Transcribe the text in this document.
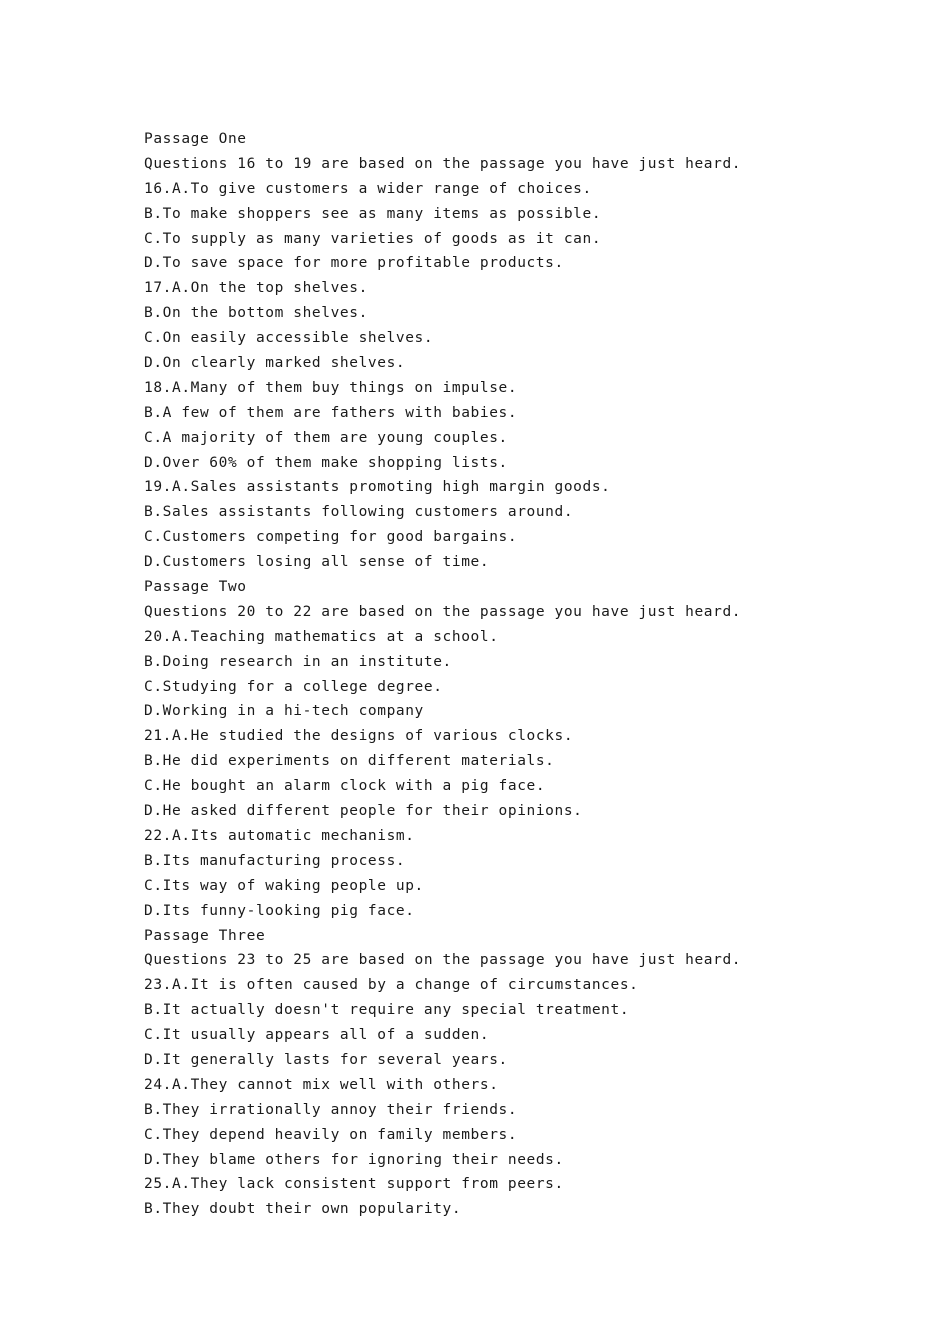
Passage One
Questions 16 to 19 are based on the passage you have just heard.
16.A.To give customers a wider range of choices.
B.To make shoppers see as many items as possible.
C.To supply as many varieties of goods as it can.
D.To save space for more profitable products.
17.A.On the top shelves.
B.On the bottom shelves.
C.On easily accessible shelves.
D.On clearly marked shelves.
18.A.Many of them buy things on impulse.
B.A few of them are fathers with babies.
C.A majority of them are young couples.
D.Over 60% of them make shopping lists.
19.A.Sales assistants promoting high margin goods.
B.Sales assistants following customers around.
C.Customers competing for good bargains.
D.Customers losing all sense of time.
Passage Two
Questions 20 to 22 are based on the passage you have just heard.
20.A.Teaching mathematics at a school.
B.Doing research in an institute.
C.Studying for a college degree.
D.Working in a hi-tech company
21.A.He studied the designs of various clocks.
B.He did experiments on different materials.
C.He bought an alarm clock with a pig face.
D.He asked different people for their opinions.
22.A.Its automatic mechanism.
B.Its manufacturing process.
C.Its way of waking people up.
D.Its funny-looking pig face.
Passage Three
Questions 23 to 25 are based on the passage you have just heard.
23.A.It is often caused by a change of circumstances.
B.It actually doesn't require any special treatment.
C.It usually appears all of a sudden.
D.It generally lasts for several years.
24.A.They cannot mix well with others.
B.They irrationally annoy their friends.
C.They depend heavily on family members.
D.They blame others for ignoring their needs.
25.A.They lack consistent support from peers.
B.They doubt their own popularity.
